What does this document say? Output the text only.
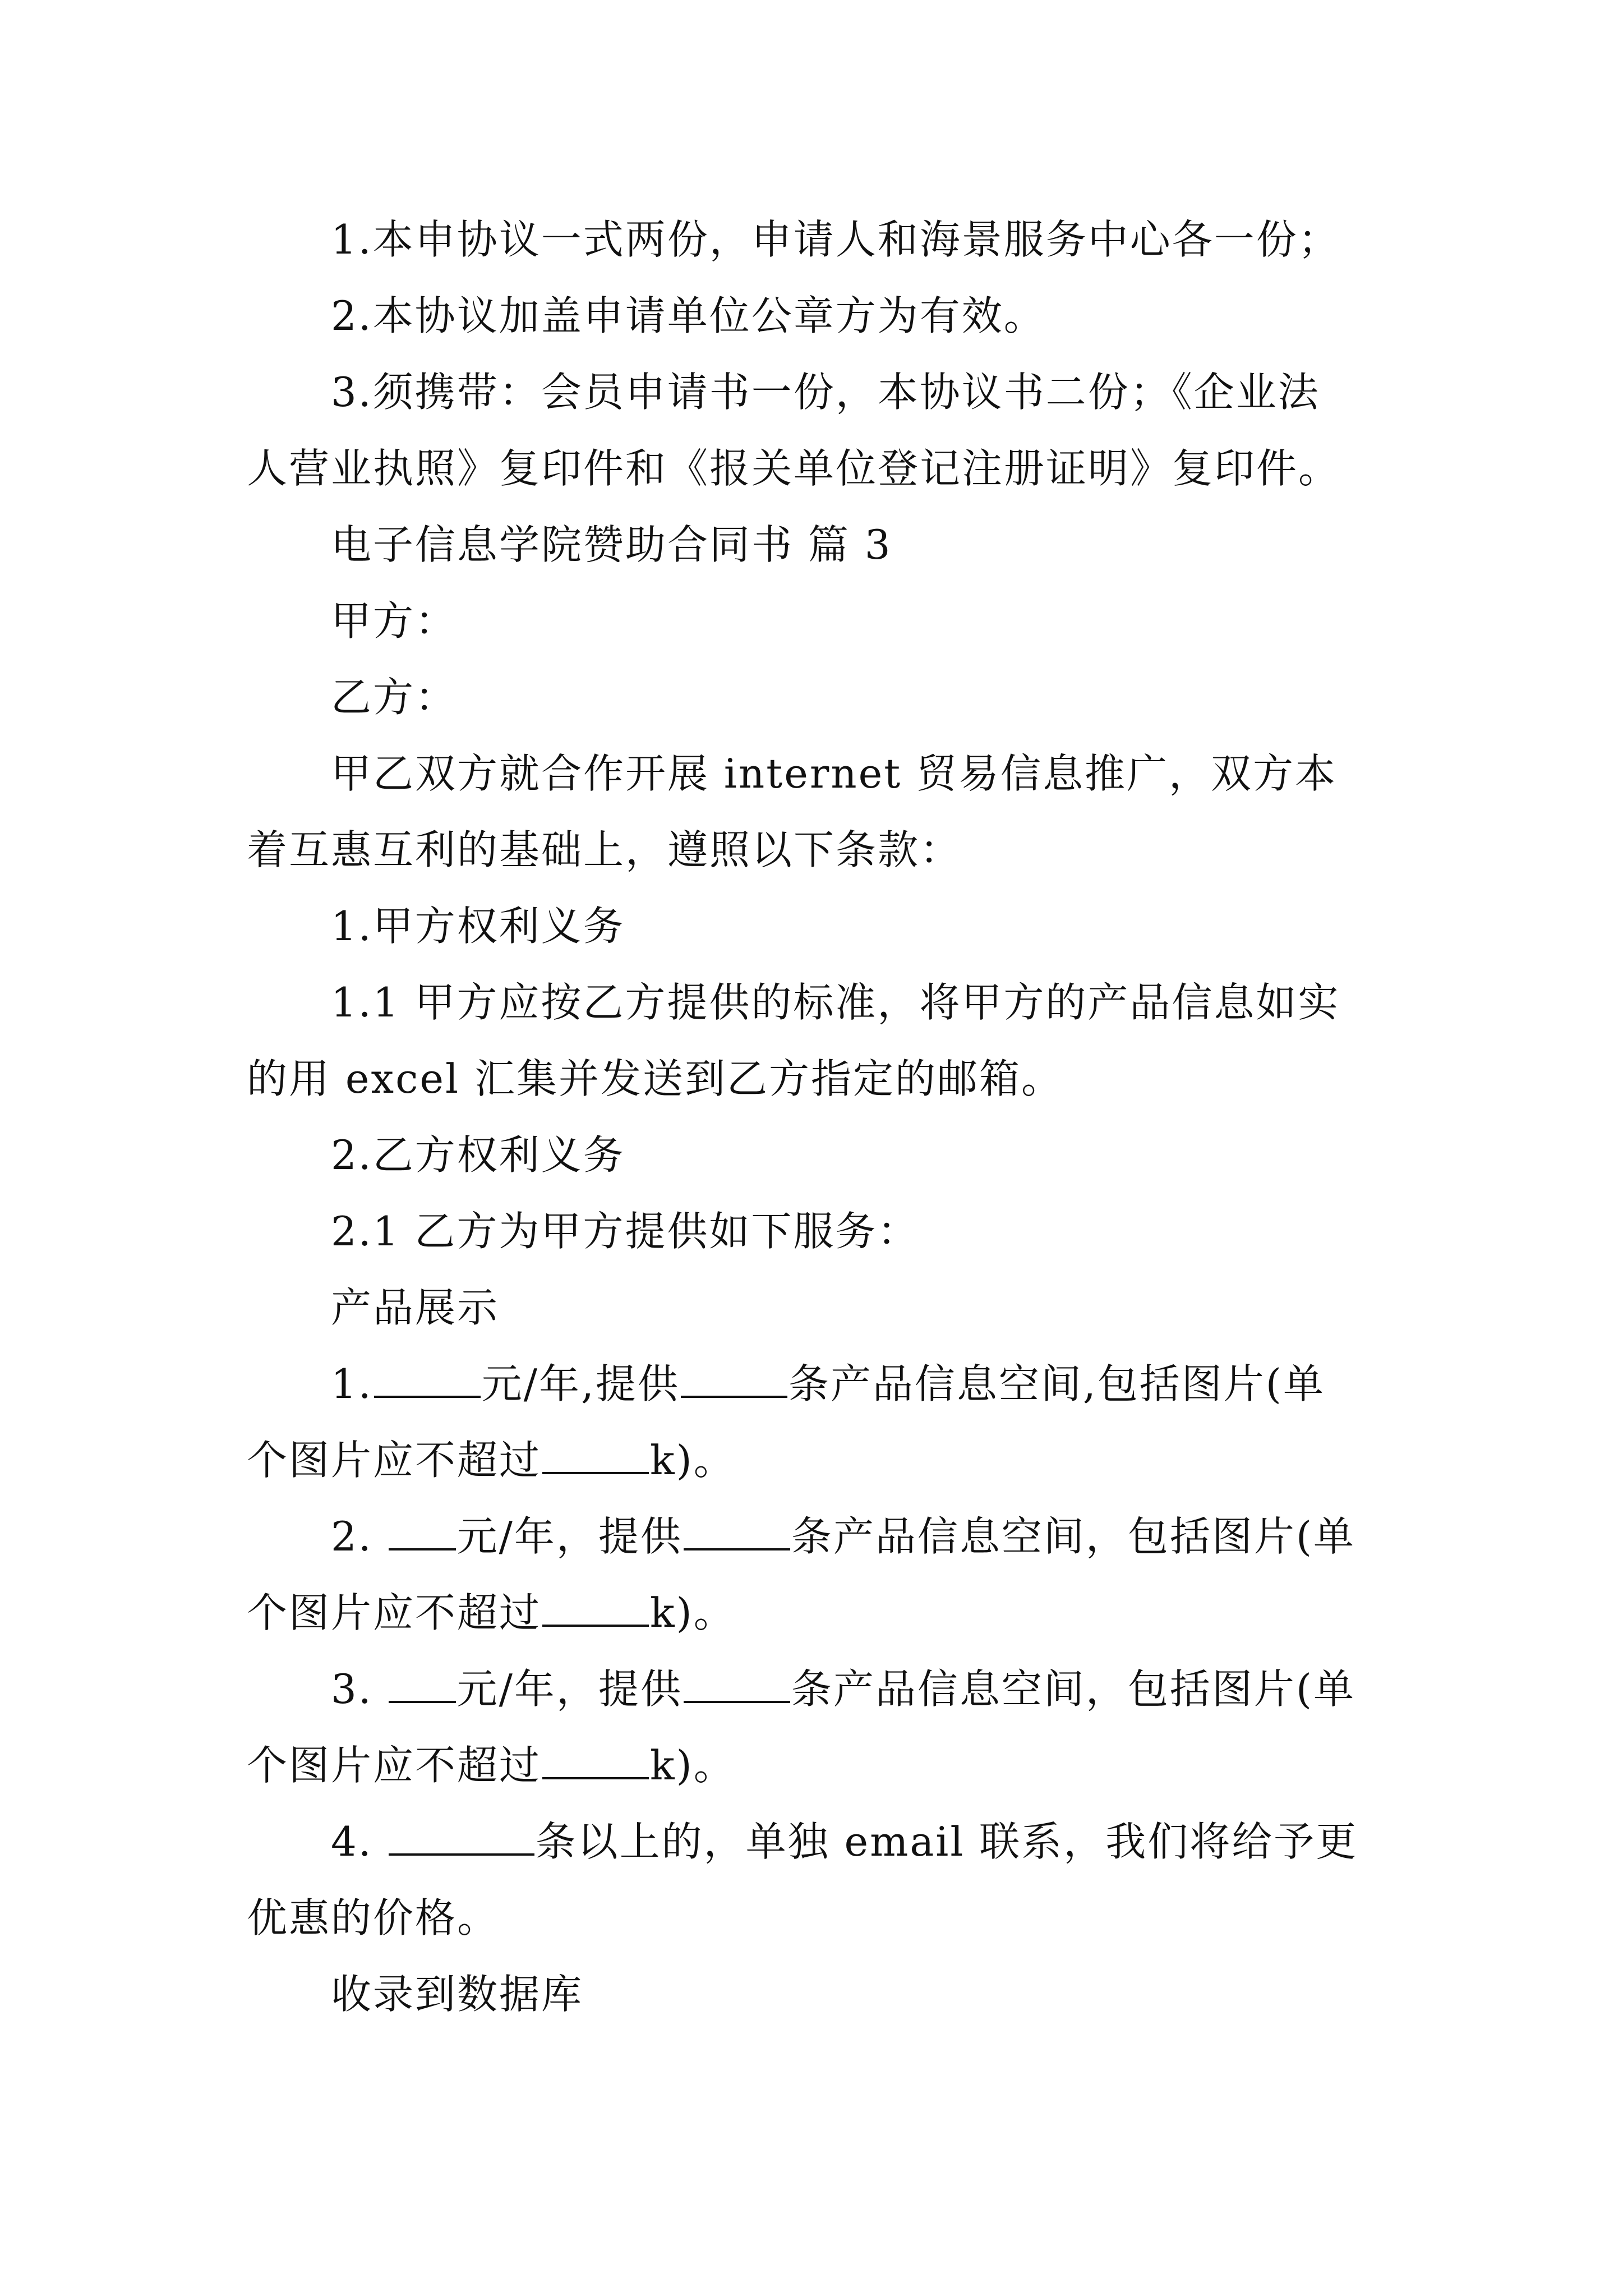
1.本申协议一式两份，申请人和海景服务中心各一份；
2.本协议加盖申请单位公章方为有效。
3.须携带：会员申请书一份，本协议书二份；《企业法
人营业执照》复印件和《报关单位登记注册证明》复印件。
电子信息学院赞助合同书 篇 3
甲方：
乙方：
甲乙双方就合作开展 internet 贸易信息推广，双方本
着互惠互利的基础上，遵照以下条款：
1.甲方权利义务
1.1 甲方应按乙方提供的标准，将甲方的产品信息如实
的用 excel 汇集并发送到乙方指定的邮箱。
2.乙方权利义务
2.1 乙方为甲方提供如下服务：
产品展示
1.	元/年,提供	条产品信息空间,包括图片(单
个图片应不超过	k)。
2. 元/年，提供	条产品信息空间，包括图片(单
个图片应不超过	k)。
3. 元/年，提供	条产品信息空间，包括图片(单
个图片应不超过	k)。
4.	条以上的，单独 email 联系，我们将给予更
优惠的价格。
收录到数据库
